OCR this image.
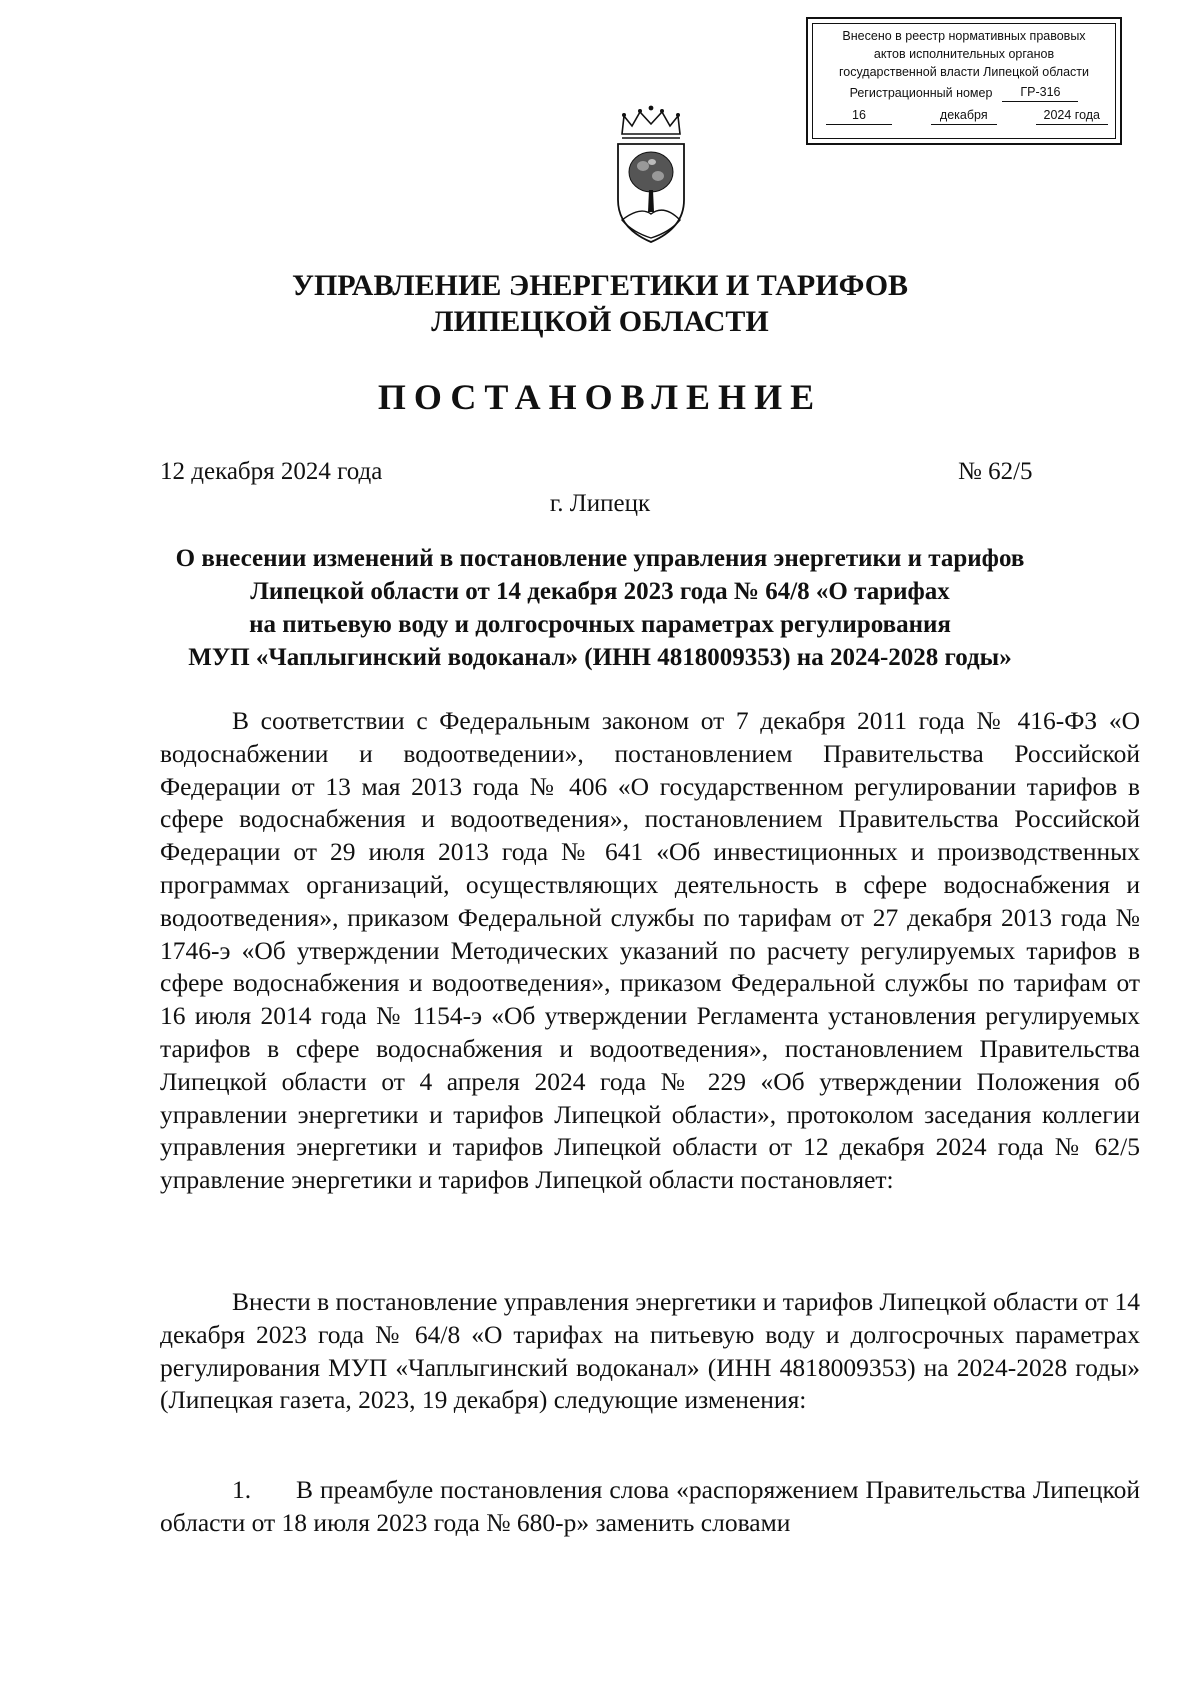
Внесено в реестр нормативных правовых
актов исполнительных органов
государственной власти Липецкой области
Регистрационный номер	ГР-316
16	декабря	2024 года
УПРАВЛЕНИЕ ЭНЕРГЕТИКИ И ТАРИФОВ
ЛИПЕЦКОЙ ОБЛАСТИ
ПОСТАНОВЛЕНИЕ
12 декабря 2024 года	№ 62/5
г. Липецк
О внесении изменений в постановление управления энергетики и тарифов
Липецкой области от 14 декабря 2023 года № 64/8 «О тарифах
на питьевую воду и долгосрочных параметрах регулирования
МУП «Чаплыгинский водоканал» (ИНН 4818009353) на 2024-2028 годы»
В соответствии с Федеральным законом от 7 декабря 2011 года № 416-ФЗ «О водоснабжении и водоотведении», постановлением Правительства Российской Федерации от 13 мая 2013 года № 406 «О государственном регулировании тарифов в сфере водоснабжения и водоотведения», постановлением Правительства Российской Федерации от 29 июля 2013 года № 641 «Об инвестиционных и производственных программах организаций, осуществляющих деятельность в сфере водоснабжения и водоотведения», приказом Федеральной службы по тарифам от 27 декабря 2013 года № 1746-э «Об утверждении Методических указаний по расчету регулируемых тарифов в сфере водоснабжения и водоотведения», приказом Федеральной службы по тарифам от 16 июля 2014 года № 1154-э «Об утверждении Регламента установления регулируемых тарифов в сфере водоснабжения и водоотведения», постановлением Правительства Липецкой области от 4 апреля 2024 года № 229 «Об утверждении Положения об управлении энергетики и тарифов Липецкой области», протоколом заседания коллегии управления энергетики и тарифов Липецкой области от 12 декабря 2024 года № 62/5 управление энергетики и тарифов Липецкой области постановляет:
Внести в постановление управления энергетики и тарифов Липецкой области от 14 декабря 2023 года № 64/8 «О тарифах на питьевую воду и долгосрочных параметрах регулирования МУП «Чаплыгинский водоканал» (ИНН 4818009353) на 2024-2028 годы» (Липецкая газета, 2023, 19 декабря) следующие изменения:
1. В преамбуле постановления слова «распоряжением Правительства Липецкой области от 18 июля 2023 года № 680-р» заменить словами
